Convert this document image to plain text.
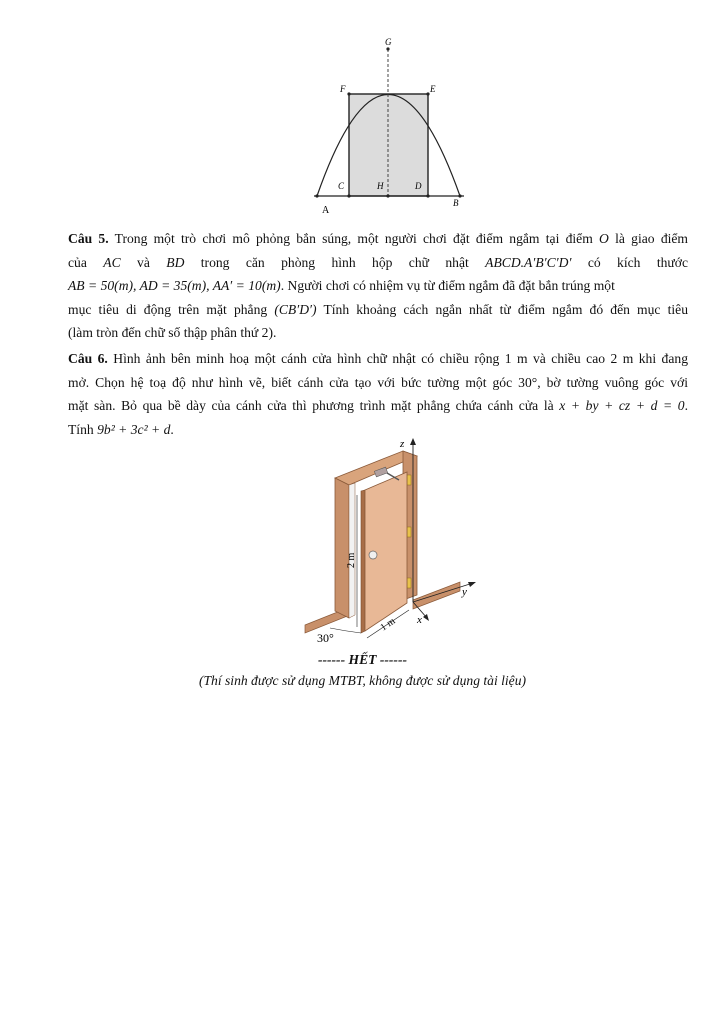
G
F	E
C	H	D
A
B
Câu 5. Trong một trò chơi mô phỏng bắn súng, một người chơi đặt điểm ngắm tại điểm O là giao điểm
của AC và BD trong căn phòng hình hộp chữ nhật ABCD.A′B′C′D′ có kích thước
AB = 50(m), AD = 35(m), AA′ = 10(m). Người chơi có nhiệm vụ từ điểm ngắm đã đặt bắn trúng một
mục tiêu di động trên mặt phẳng (CB′D′) Tính khoảng cách ngắn nhất từ điểm ngắm đó đến mục tiêu
(làm tròn đến chữ số thập phân thứ 2).
Câu 6. Hình ảnh bên minh hoạ một cánh cửa hình chữ nhật có chiều rộng 1 m và chiều cao 2 m khi đang
mở. Chọn hệ toạ độ như hình vẽ, biết cánh cửa tạo với bức tường một góc 30°, bờ tường vuông góc với
mặt sàn. Bỏ qua bề dày của cánh cửa thì phương trình mặt phẳng chứa cánh cửa là x + by + cz + d = 0.
Tính 9b² + 3c² + d.
z
y
x
2 m
1 m
30°
------ HẾT ------
(Thí sinh được sử dụng MTBT, không được sử dụng tài liệu)
